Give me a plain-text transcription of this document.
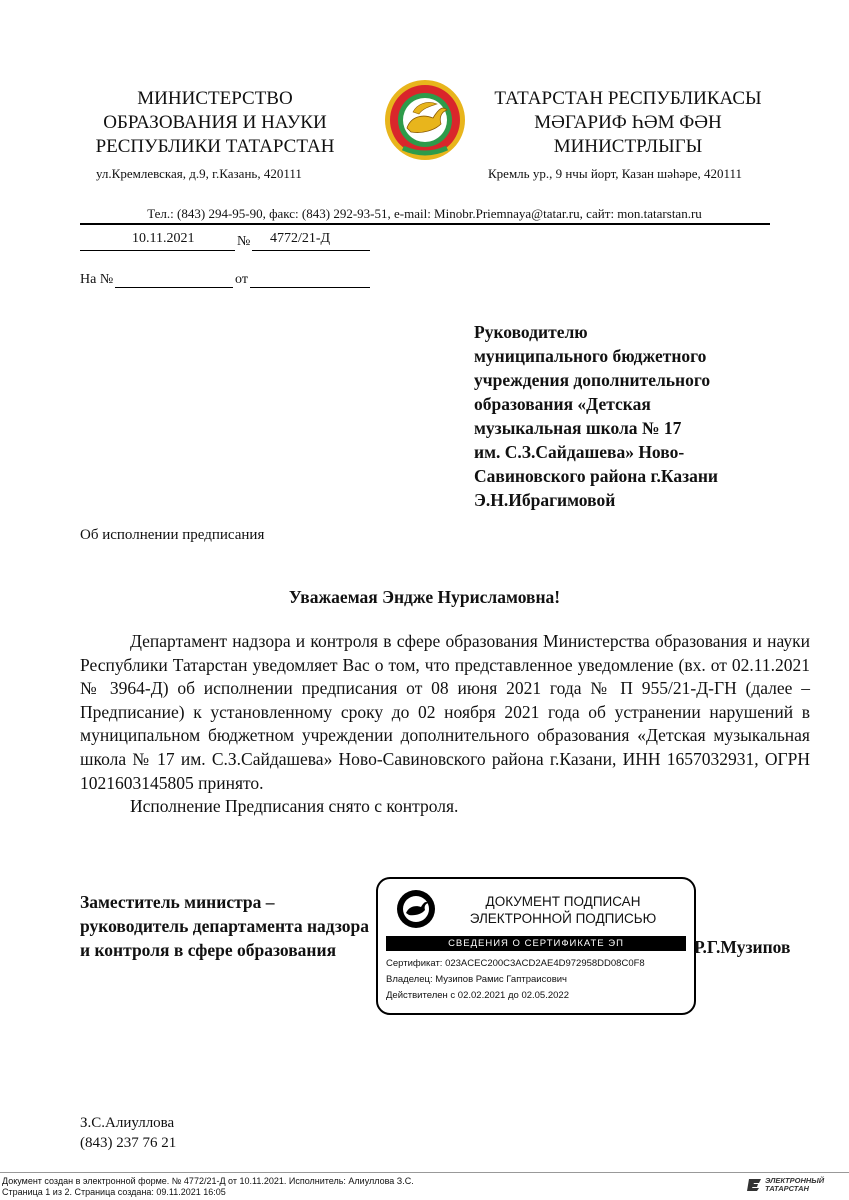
МИНИСТЕРСТВО
ОБРАЗОВАНИЯ И НАУКИ
РЕСПУБЛИКИ ТАТАРСТАН
ТАТАРСТАН РЕСПУБЛИКАСЫ
МӘГАРИФ ҺӘМ ФӘН
МИНИСТРЛЫГЫ
ул.Кремлевская, д.9, г.Казань, 420111	Кремль ур., 9 нчы йорт, Казан шәһәре, 420111
Тел.: (843) 294-95-90, факс: (843) 292-93-51, e-mail: Minobr.Priemnaya@tatar.ru, сайт: mon.tatarstan.ru
10.11.2021	№ 4772/21-Д
На №	от
Руководителю
муниципального бюджетного
учреждения дополнительного
образования «Детская
музыкальная школа № 17
им. С.З.Сайдашева» Ново-
Савиновского района г.Казани
Э.Н.Ибрагимовой
Об исполнении предписания
Уважаемая Эндже Нурисламовна!

Департамент надзора и контроля в сфере образования Министерства образования и науки Республики Татарстан уведомляет Вас о том, что представленное уведомление (вх. от 02.11.2021 № 3964-Д) об исполнении предписания от 08 июня 2021 года № П 955/21-Д-ГН (далее – Предписание) к установленному сроку до 02 ноября 2021 года об устранении нарушений в муниципальном бюджетном учреждении дополнительного образования «Детская музыкальная школа № 17 им. С.З.Сайдашева» Ново-Савиновского района г.Казани, ИНН 1657032931, ОГРН 1021603145805 принято.

Исполнение Предписания снято с контроля.

Заместитель министра –
руководитель департамента надзора
и контроля в сфере образования
ДОКУМЕНТ ПОДПИСАН
ЭЛЕКТРОННОЙ ПОДПИСЬЮ
СВЕДЕНИЯ О СЕРТИФИКАТЕ ЭП
Сертификат: 023ACEC200C3ACD2AE4D972958DD08C0F8
Владелец: Музипов Рамис Гаптраисович
Действителен с 02.02.2021 до 02.05.2022
Р.Г.Музипов
З.С.Алиуллова
(843) 237 76 21
Документ создан в электронной форме. № 4772/21-Д от 10.11.2021. Исполнитель: Алиуллова З.С.
Страница 1 из 2. Страница создана: 09.11.2021 16:05
ЭЛЕКТРОННЫЙ
ТАТАРСТАН
